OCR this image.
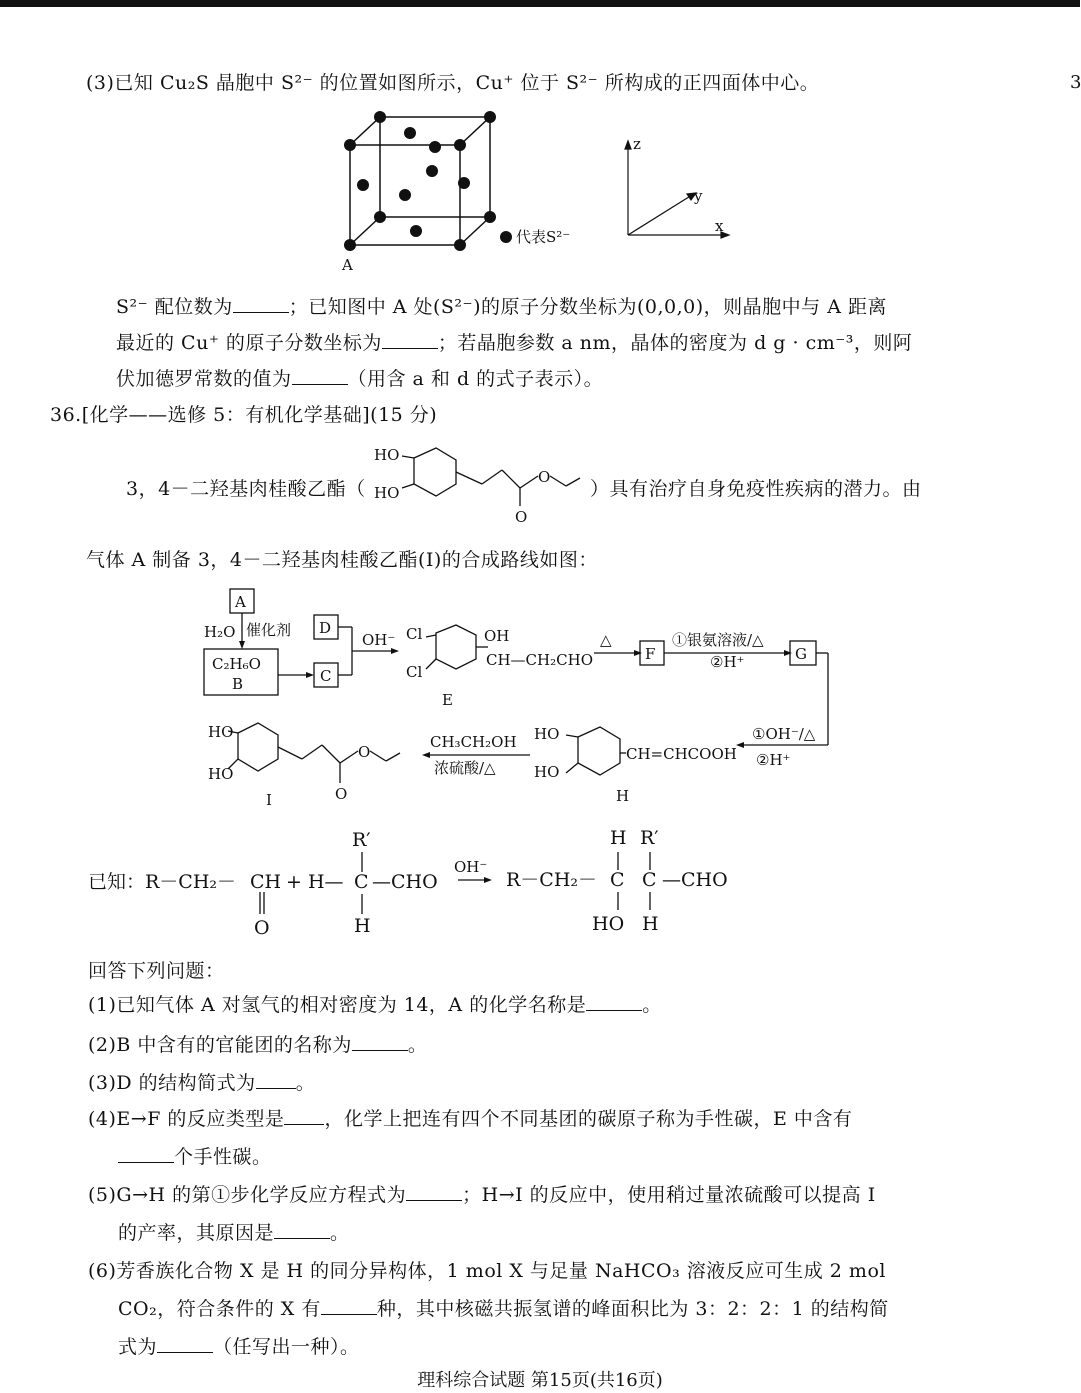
3
(3)已知 Cu₂S 晶胞中 S²⁻ 的位置如图所示，Cu⁺ 位于 S²⁻ 所构成的正四面体中心。
A
代表S²⁻
z
y
x
S²⁻ 配位数为	；已知图中 A 处(S²⁻)的原子分数坐标为(0,0,0)，则晶胞中与 A 距离
最近的 Cu⁺ 的原子分数坐标为	；若晶胞参数 a nm，晶体的密度为 d g · cm⁻³，则阿
伏加德罗常数的值为	（用含 a 和 d 的式子表示）。
36.[化学——选修 5：有机化学基础](15 分)
3，4－二羟基肉桂酸乙酯（
HO
HO
O
O
）具有治疗自身免疫性疾病的潜力。由
气体 A 制备 3，4－二羟基肉桂酸乙酯(I)的合成路线如图：
A
H₂O 催化剂
C₂H₆O
B	C
D
OH⁻ Cl
Cl
OH
CH—CH₂CHO
E
△
F
①银氨溶液/△
②H⁺	G
①OH⁻/△
②H⁺
HO
HO
CH=CHCOOH
H
CH₃CH₂OH
浓硫酸/△
HO
HO
O
O
I
已知：R－CH₂－ CH
O
+ H— C —CHO
R′
H
OH⁻
R－CH₂－ C C —CHO
H R′
HO H
回答下列问题：
(1)已知气体 A 对氢气的相对密度为 14，A 的化学名称是	。
(2)B 中含有的官能团的名称为	。
(3)D 的结构简式为 。
(4)E→F 的反应类型是 ，化学上把连有四个不同基团的碳原子称为手性碳，E 中含有
个手性碳。
(5)G→H 的第①步化学反应方程式为	；H→I 的反应中，使用稍过量浓硫酸可以提高 I
的产率，其原因是	。
(6)芳香族化合物 X 是 H 的同分异构体，1 mol X 与足量 NaHCO₃ 溶液反应可生成 2 mol
CO₂，符合条件的 X 有	种，其中核磁共振氢谱的峰面积比为 3：2：2：1 的结构简
式为	（任写出一种）。
理科综合试题 第15页(共16页)
